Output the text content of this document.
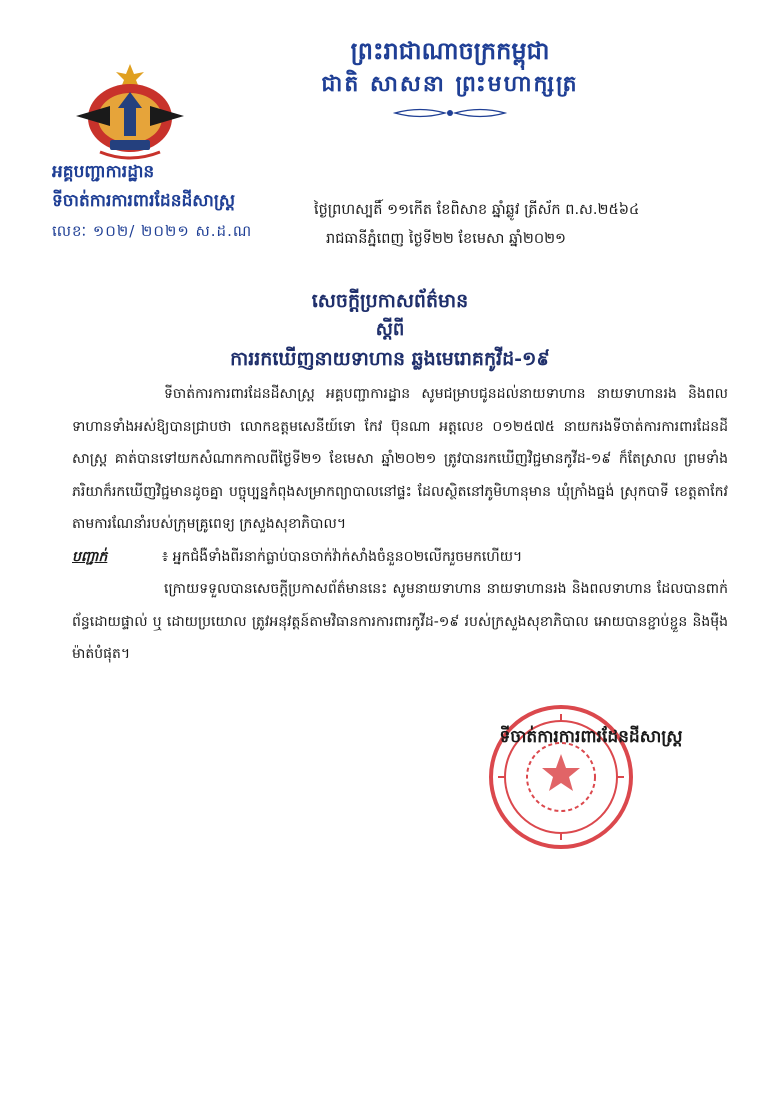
ព្រះរាជាណាចក្រកម្ពុជា
ជាតិ សាសនា ព្រះមហាក្សត្រ
អគ្គបញ្ជាការដ្ឋាន
ទីចាត់ការការពារដែនដីសាស្ត្រ
លេខៈ ១០២/ ២០២១ ស.ដ.ណ
ថ្ងៃព្រហស្បតិ៍ ១១កើត ខែពិសាខ ឆ្នាំឆ្លូវ ត្រីស័ក ព.ស.២៥៦៤
រាជធានីភ្នំពេញ ថ្ងៃទី២២ ខែមេសា ឆ្នាំ២០២១
សេចក្តីប្រកាសព័ត៌មាន
ស្តីពី
ការរកឃើញនាយទាហាន ឆ្លងមេរោគកូវីដ-១៩

ទីចាត់ការការពារដែនដីសាស្ត្រ អគ្គបញ្ជាការដ្ឋាន សូមជម្រាបជូនដល់នាយទាហាន នាយទាហានរង និងពលទាហានទាំងអស់ឱ្យបានជ្រាបថា លោកឧត្តមសេនីយ៍ទោ កែវ ប៊ុនណា អត្តលេខ ០១២៥៧៥ នាយករងទីចាត់ការការពារដែនដីសាស្ត្រ គាត់បានទៅយកសំណាកកាលពីថ្ងៃទី២១ ខែមេសា ឆ្នាំ២០២១ ត្រូវបានរកឃើញវិជ្ជមានកូវីដ-១៩ ក៏តែស្រាល ព្រមទាំងភរិយាក៏រកឃើញវិជ្ជមានដូចគ្នា បច្ចុប្បន្នកំពុងសម្រាកព្យាបាលនៅផ្ទះ ដែលស្ថិតនៅភូមិហានុមាន ឃុំក្រាំងធ្នង់ ស្រុកបាទី ខេត្តតាកែវ តាមការណែនាំរបស់ក្រុមគ្រូពេទ្យ ក្រសួងសុខាភិបាល។

បញ្ជាក់	៖ អ្នកជំងឺទាំងពីរនាក់ធ្លាប់បានចាក់វ៉ាក់សាំងចំនួន០២លើករួចមកហើយ។

ក្រោយទទួលបានសេចក្តីប្រកាសព័ត៌មាននេះ សូមនាយទាហាន នាយទាហានរង និងពលទាហាន ដែលបានពាក់ព័ន្ធដោយផ្ទាល់ ឬ ដោយប្រយោល ត្រូវអនុវត្តន៍តាមវិធានការការពារកូវីដ-១៩ របស់ក្រសួងសុខាភិបាល អោយបានខ្ជាប់ខ្ជួន និងម៉ឺងម៉ាត់បំផុត។

ទីចាត់ការការពារដែនដីសាស្ត្រ
